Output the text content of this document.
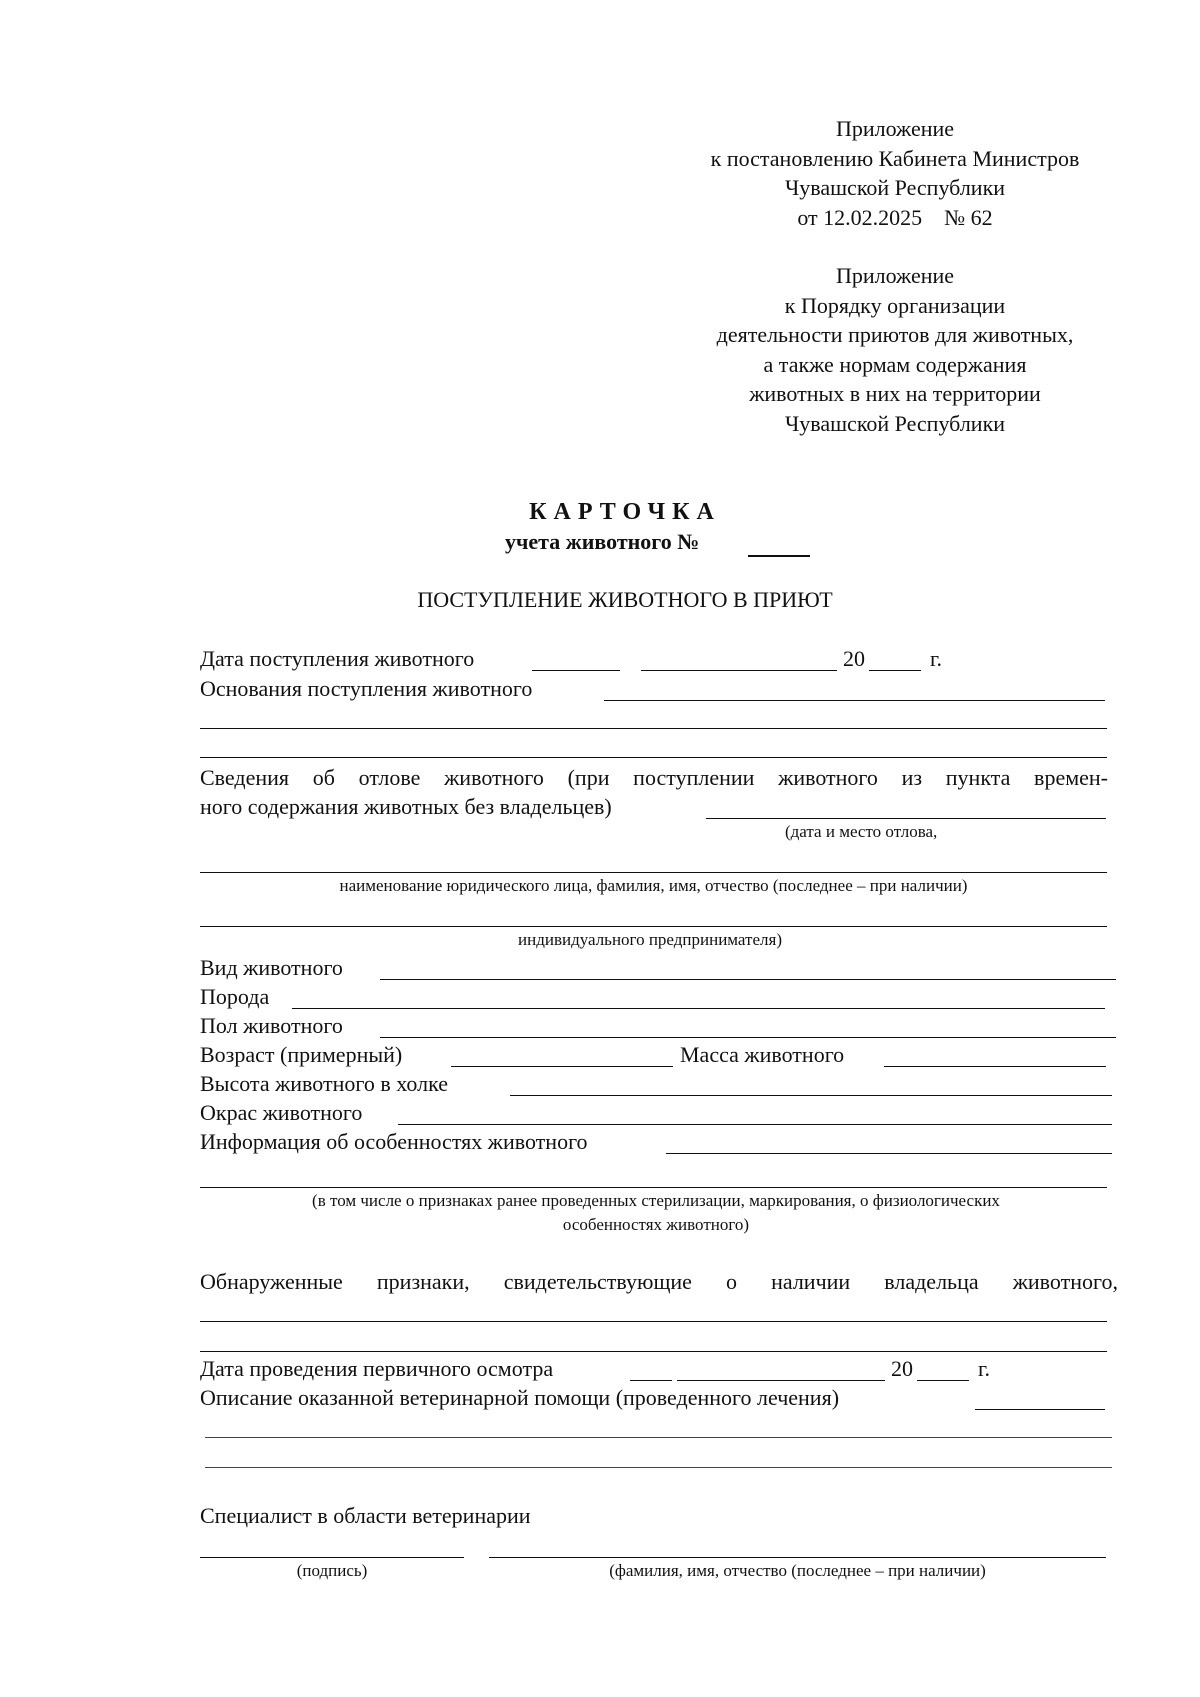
Приложение
к постановлению Кабинета Министров
Чувашской Республики
от 12.02.2025    № 62
Приложение
к Порядку организации
деятельности приютов для животных,
а также нормам содержания
животных в них на территории
Чувашской Республики
КАРТОЧКА
учета животного №
ПОСТУПЛЕНИЕ ЖИВОТНОГО В ПРИЮТ
Дата поступления животного	20	г.
Основания поступления животного
Сведения об отлове животного (при поступлении животного из пункта времен-
ного содержания животных без владельцев)
(дата и место отлова,
наименование юридического лица, фамилия, имя, отчество (последнее – при наличии)
индивидуального предпринимателя)
Вид животного
Порода
Пол животного
Возраст (примерный)	Масса животного
Высота животного в холке
Окрас животного
Информация об особенностях животного
(в том числе о признаках ранее проведенных стерилизации, маркирования, о физиологических
особенностях животного)
Обнаруженные признаки, свидетельствующие о наличии владельца животного,
Дата проведения первичного осмотра	20	г.
Описание оказанной ветеринарной помощи (проведенного лечения)
Специалист в области ветеринарии
(подпись)	(фамилия, имя, отчество (последнее – при наличии)
